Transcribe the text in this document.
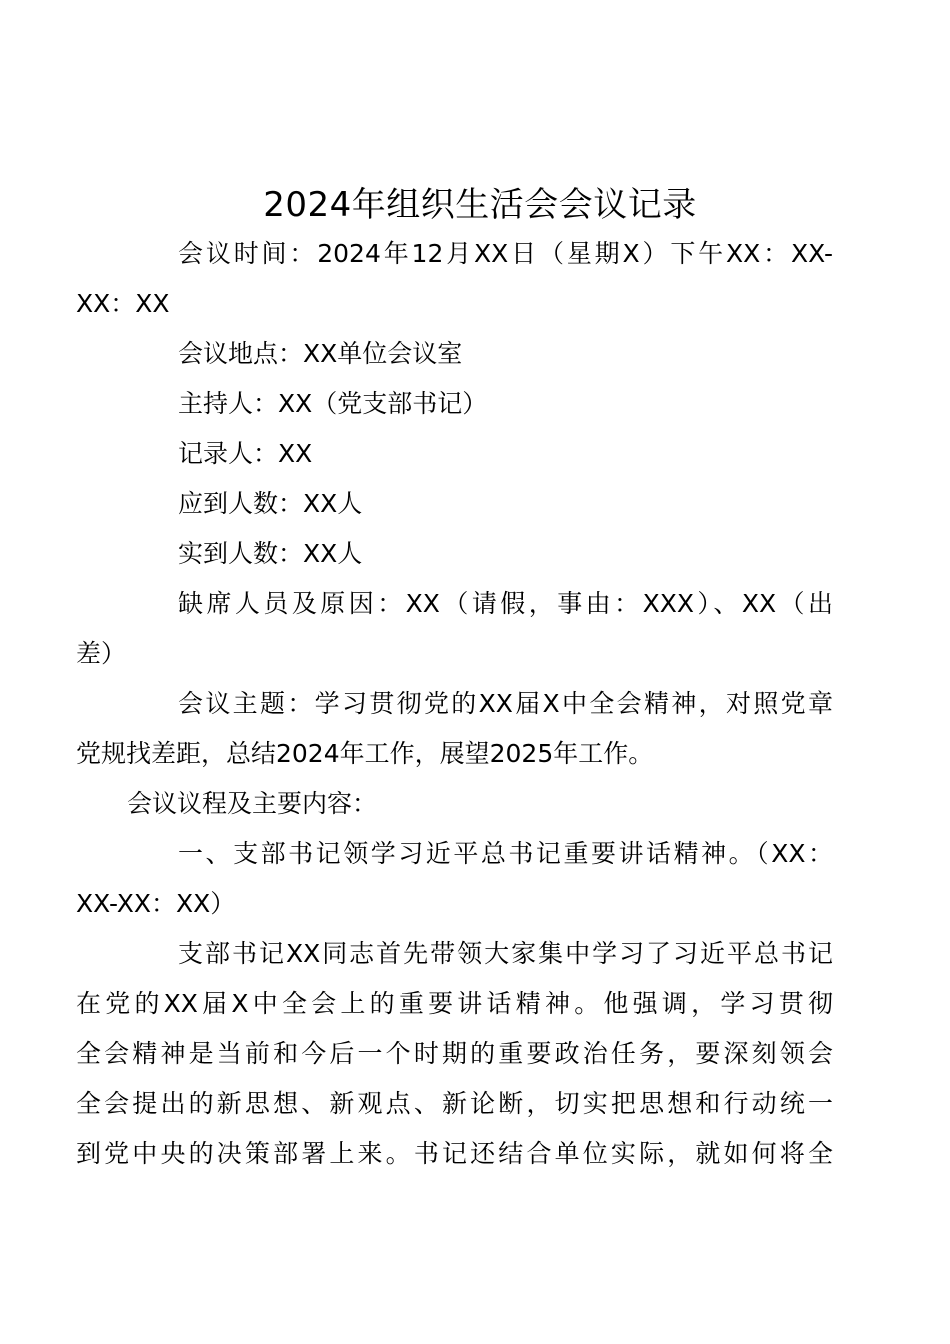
2024年组织生活会会议记录
会议时间：2024年12月XX日（星期X）下午XX：XX-
XX：XX
会议地点：XX单位会议室
主持人：XX（党支部书记）
记录人：XX
应到人数：XX人
实到人数：XX人
缺席人员及原因：XX（请假，事由：XXX）、XX（出
差）
会议主题：学习贯彻党的XX届X中全会精神，对照党章
党规找差距，总结2024年工作，展望2025年工作。
会议议程及主要内容：
一、支部书记领学习近平总书记重要讲话精神。（XX：
XX-XX：XX）
支部书记XX同志首先带领大家集中学习了习近平总书记
在党的XX届X中全会上的重要讲话精神。他强调，学习贯彻
全会精神是当前和今后一个时期的重要政治任务，要深刻领会
全会提出的新思想、新观点、新论断，切实把思想和行动统一
到党中央的决策部署上来。书记还结合单位实际，就如何将全
